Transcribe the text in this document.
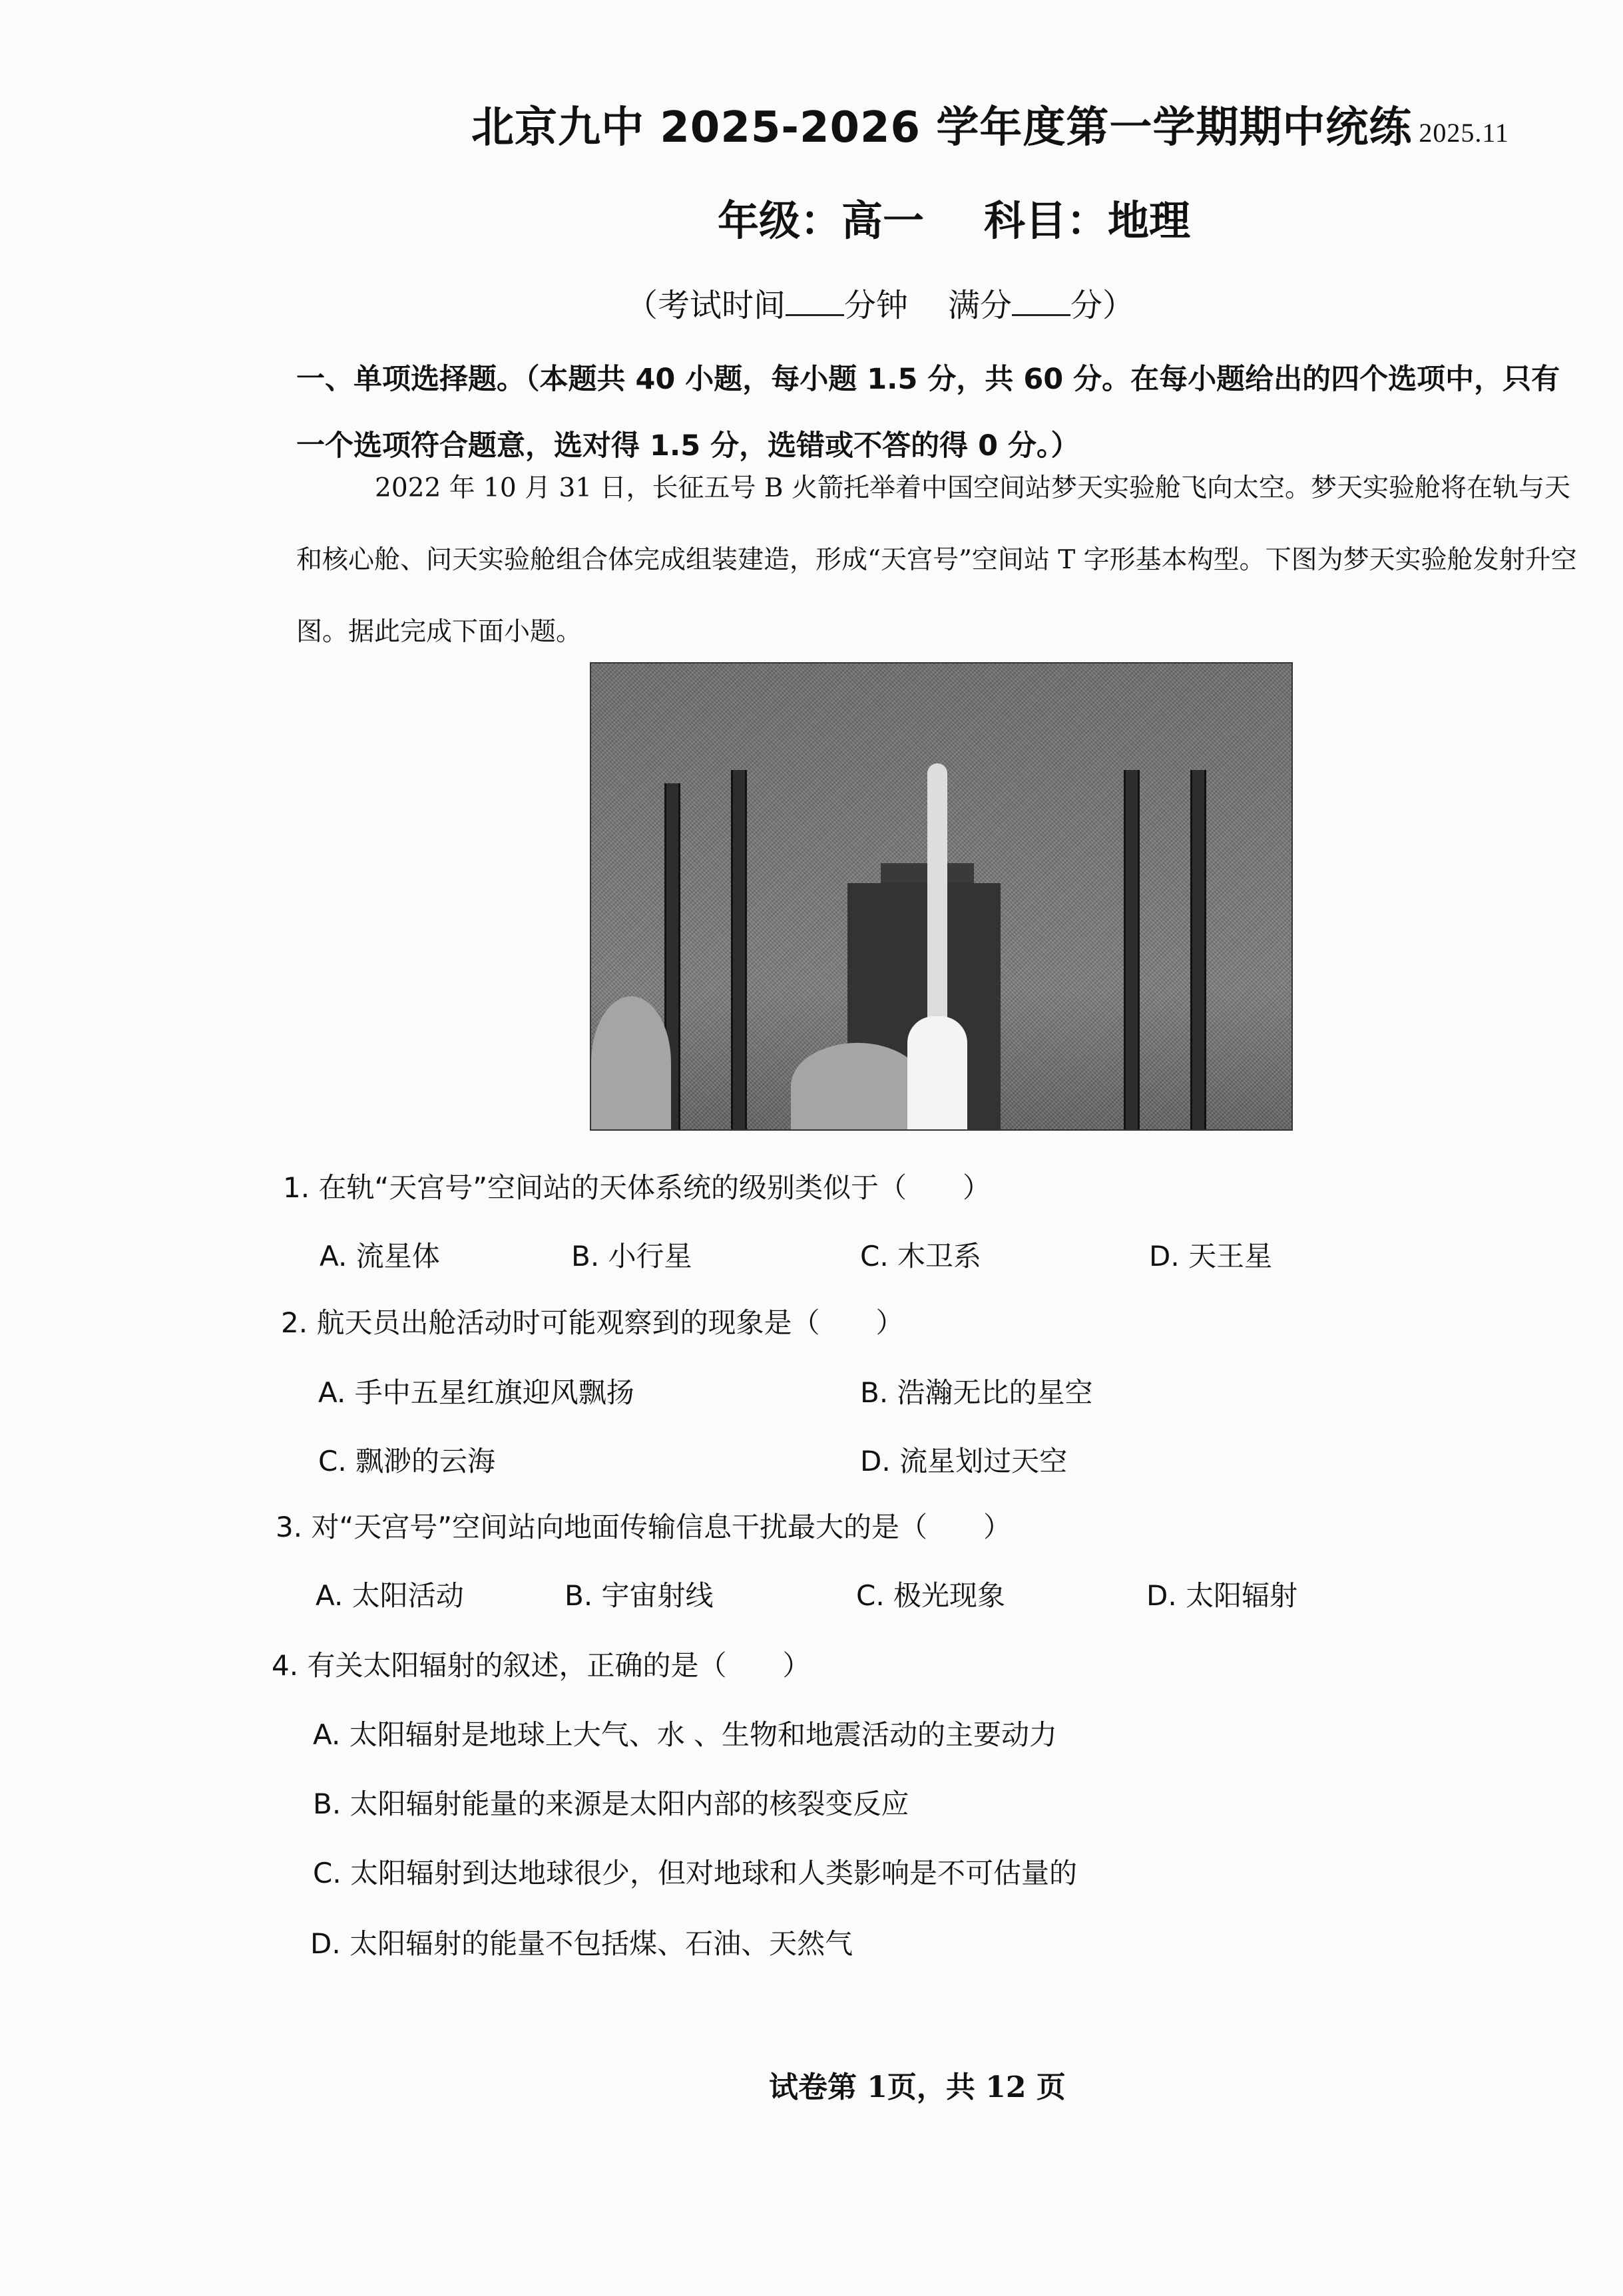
北京九中 2025-2026 学年度第一学期期中统练 2025.11
年级：高一 科目：地理
（考试时间 分钟 满分 分）
一、单项选择题。（本题共 40 小题，每小题 1.5 分，共 60 分。在每小题给出的四个选项中，只有一个选项符合题意，选对得 1.5 分，选错或不答的得 0 分。）
2022 年 10 月 31 日，长征五号 B 火箭托举着中国空间站梦天实验舱飞向太空。梦天实验舱将在轨与天和核心舱、问天实验舱组合体完成组装建造，形成“天宫号”空间站 T 字形基本构型。下图为梦天实验舱发射升空图。据此完成下面小题。
1. 在轨“天宫号”空间站的天体系统的级别类似于（　　）
A. 流星体	B. 小行星	C. 木卫系	D. 天王星
2. 航天员出舱活动时可能观察到的现象是（　　）
A. 手中五星红旗迎风飘扬	B. 浩瀚无比的星空
C. 飘渺的云海	D. 流星划过天空
3. 对“天宫号”空间站向地面传输信息干扰最大的是（　　）
A. 太阳活动	B. 宇宙射线	C. 极光现象	D. 太阳辐射
4. 有关太阳辐射的叙述，正确的是（　　）
A. 太阳辐射是地球上大气、水 、生物和地震活动的主要动力
B. 太阳辐射能量的来源是太阳内部的核裂变反应
C. 太阳辐射到达地球很少，但对地球和人类影响是不可估量的
D. 太阳辐射的能量不包括煤、石油、天然气
试卷第 1页，共 12 页
